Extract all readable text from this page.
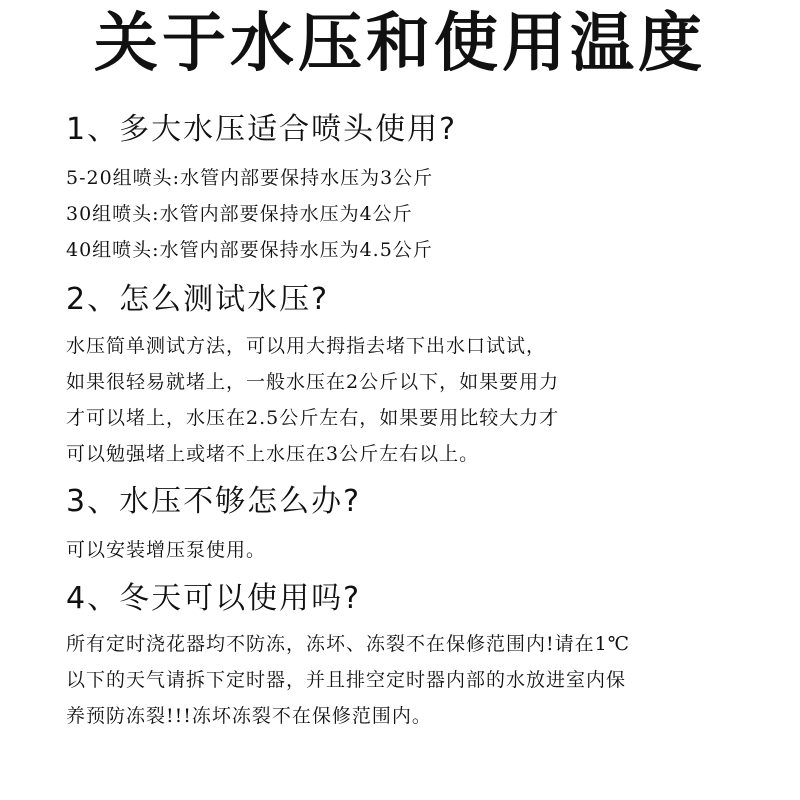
关于水压和使用温度
1、多大水压适合喷头使用?
5-20组喷头:水管内部要保持水压为3公斤
30组喷头:水管内部要保持水压为4公斤
40组喷头:水管内部要保持水压为4.5公斤
2、怎么测试水压?
水压简单测试方法，可以用大拇指去堵下出水口试试，
如果很轻易就堵上，一般水压在2公斤以下，如果要用力
才可以堵上，水压在2.5公斤左右，如果要用比较大力才
可以勉强堵上或堵不上水压在3公斤左右以上。
3、水压不够怎么办?
可以安装增压泵使用。
4、冬天可以使用吗?
所有定时浇花器均不防冻，冻坏、冻裂不在保修范围内!请在1℃
以下的天气请拆下定时器，并且排空定时器内部的水放进室内保
养预防冻裂!!!冻坏冻裂不在保修范围内。
